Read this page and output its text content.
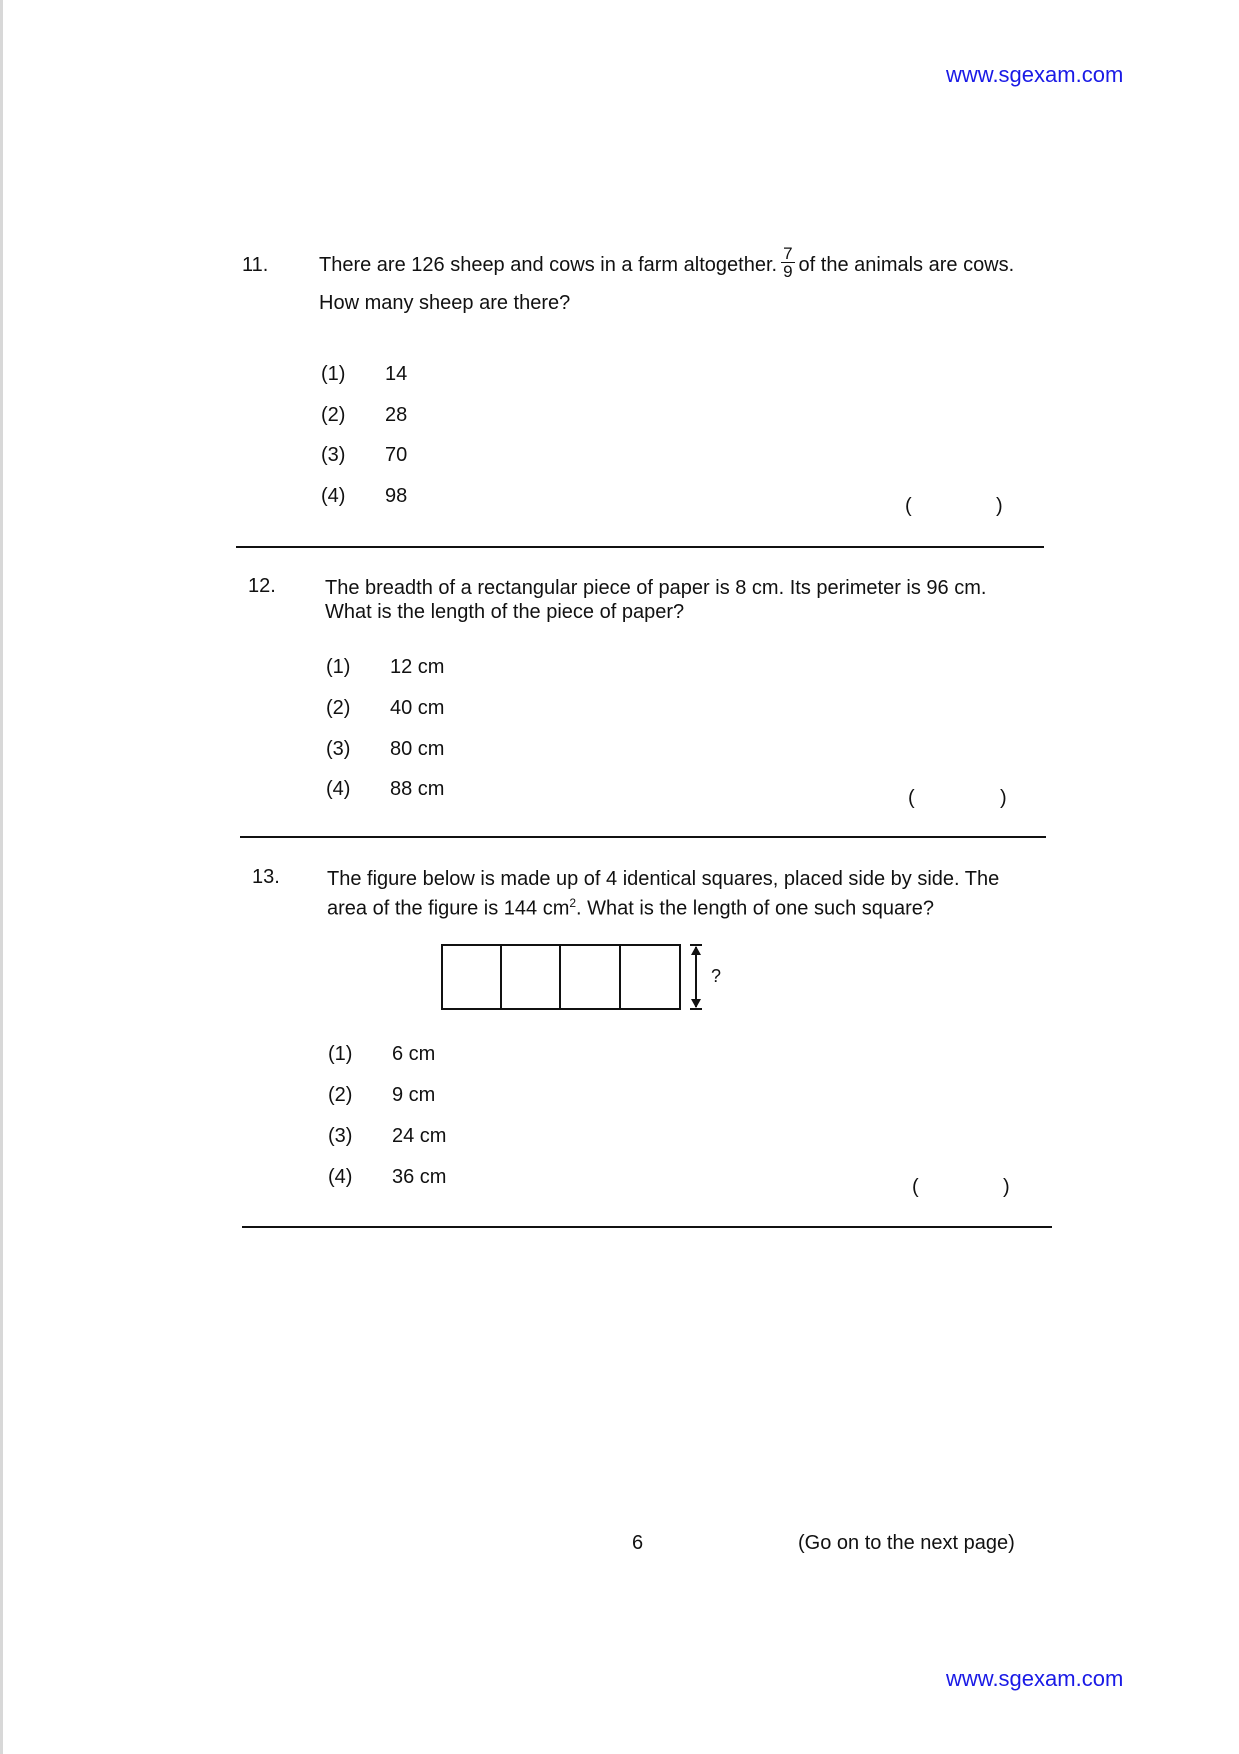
www.sgexam.com
11.	There are 126 sheep and cows in a farm altogether. $\frac{7}{9}$ of the animals are cows.
How many sheep are there?
(1) 14
(2) 28
(3) 70
(4) 98	(	)
12. The breadth of a rectangular piece of paper is 8 cm. Its perimeter is 96 cm.
What is the length of the piece of paper?
(1) 12 cm
(2) 40 cm
(3) 80 cm
(4) 88 cm	(	)
13. The figure below is made up of 4 identical squares, placed side by side. The
area of the figure is 144 $cm^2$. What is the length of one such square?
?
(1) 6 cm
(2) 9 cm
(3) 24 cm
(4) 36 cm	(	)
6	(Go on to the next page)
www.sgexam.com
